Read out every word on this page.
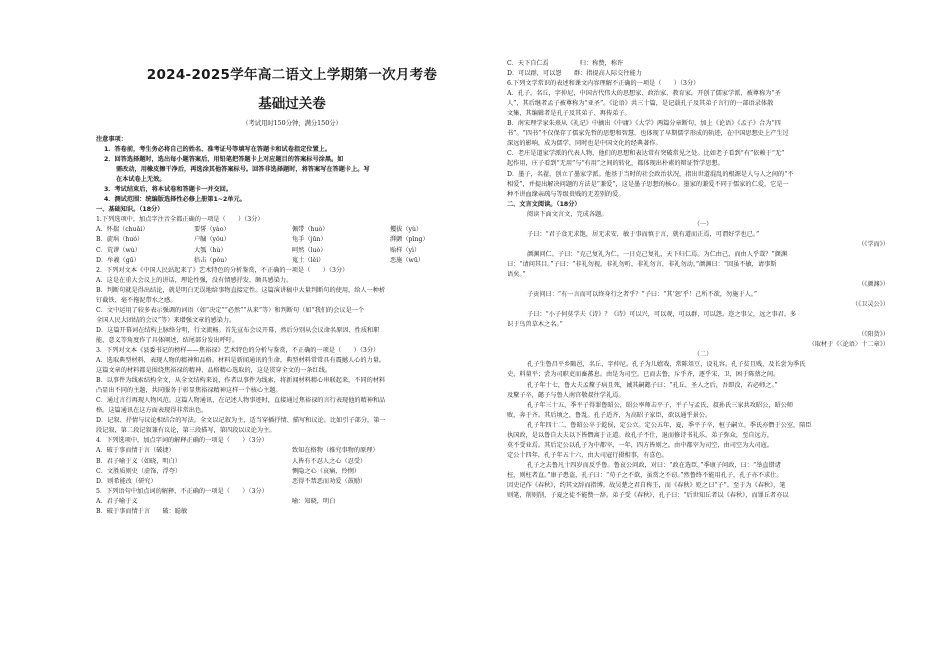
2024-2025学年高二语文上学期第一次月考卷
基础过关卷
（考试用时150分钟，满分150分）
注意事项：
1．答卷前，考生务必将自己的姓名、准考证号等填写在答题卡和试卷指定位置上。
2．回答选择题时，选出每小题答案后，用铅笔把答题卡上对应题目的答案标号涂黑。如
需改动，用橡皮擦干净后，再选涂其他答案标号。回答非选择题时，将答案写在答题卡上。写
在本试卷上无效。
3．考试结束后，将本试卷和答题卡一并交回。
4．测试范围：统编版选择性必修上册第1~2单元。
一、基础知识。（18分）
1.下列选项中，加点字注音全都正确的一项是（　　）（3分）
A．怀揣（chuǎi）	要誓（yào）	佩带（huò）	攫拔（yù）
B．旋埚（huó）	户牖（yǒu）	龟手（jūn）	湃颤（pīng）
C．荒谬（wù）	大瓠（hù）	呵然（luò）	贻样（yì）
D．牟羲（gū）	掊击（pǒu）	嵬土（lěi）	恶施（wū）
2．下列对文本《中国人民站起来了》艺术特色的分析鉴赏，不正确的一项是（　　）（3分）
A．这是在重大会议上的讲话，理论性强，没有情感抒发，颇具感染力。
B．判断句就是得出结论，就是明白无误地给事物直接定性。这篇演讲稿中大量判断句的使用，给人一种析
钉截铁、毫不拖泥带水之感。
C．文中运用了较多表示强调的词语（如“决定”“必然”“从来”等）和判断句（如“我们的会议是一个
全国人民大团结的会议”等）来增强文章的感染力。
D．这篇开幕词在结构上脉络分明，行文流畅。首先宣布会议开幕，然后分别从会议命名原因、性质和职
能、意义等角度作了具体阐述，结尾部分发出呼吁。
3．下列对文本《县委书记的榜样——焦裕禄》艺术特色的分析与鉴赏，不正确的一项是（　　）（3分）
A．选取典型材料，表现人物的精神和品格。材料是新闻通讯的生命，典型材料常常具有震撼人心的力量。
这篇文章的材料都是围绕焦裕禄的精神、品格精心选取的，这是贯穿全文的一条红线。
B．以事件为线索结构全文，从全文结构来说，作者以事件为线索，将新闻材料精心串联起来，不同的材料
凸显出不同的主题，共同服务于彰显焦裕禄精神这样一个核心主题。
C．通过言行再现人物风范。这篇人物通讯，在记述人物事迹时，直接通过焦裕禄的言行表现他的精神和品
格。这篇通讯在这方面表现得非常出色。
D．记叙、抒情与议论相结合的写法。全文以记叙为主，适当穿插抒情、描写和议论。比如引子部分，第一
段记叙，第二段记叙兼有议论，第三段描写，第四段以议论为主。
4．下列选项中，加点字词的解释正确的一项是（　　）（3分）
A．破于事而情于言（破捷）	致知在格物（推究事物的原理）
B．君子喻于义（如晓，明白）	人皆有不忍人之心（忍受）
C．文胜质则史（虚饰，浮夸）	恻隐之心（哀痛，怜悯）
D．则希能改（研究）	恶得不禁恶而劝爱（鼓励）
5．下列语句中加点词的解释，不正确的一项是（　　）（3分）
A．君子喻于义	喻：知晓，明白
B．破于事而情于言　　破：聪敏
C．天下自仁焉　　　　　归：称赞，称许
D．可以群，可以怨　　群：指提高人际交往能力
6.下列文学常识的表述和课文内容理解不正确的一项是（　　）（3分）
A．孔子，名丘，字仲尼，中国古代伟大的思想家、政治家、教育家，开创了儒家学派，被尊称为“圣
人”，其后继者孟子被尊称为“亚圣”。《论语》共三十篇，是记载孔子及其弟子言行的一部语录体散
文集，其编辑者是孔子及其弟子、再传弟子。
B．南宋理学家朱熹从《礼记》中摘出《中庸》《大学》两篇分章断句，加上《论语》《孟子》合为“四
书”。“四书”不仅保存了儒家先哲的思想和智慧，也体现了早期儒学形成的轨迹，在中国思想史上产生过
深远的影响，成为儒学，同时也是中国文化的经典著作。
C．老庄是道家学派的代表人物，他们的思想和表达常有突破常见之处。比如老子看到“有”依赖于“无”
起作用，庄子看到“无用”与“有用”之间的转化，都体现出朴素的辩证哲学思想。
D．墨子，名翟，创立了墨家学派。他基于当时的社会政治状况，指出世道混乱的根源是人与人之间的“不
相爱”，并提出解决问题的方法是“兼爱”，这是墨子思想的核心。墨家的兼爱不同于儒家的仁爱，它是一
种不讲血缘亲疏与等级贵贱的无差别的爱。
二、文言文阅读。（18分）
阅读下面文言文，完成各题。
（一）
子曰：“君子食无求饱，居无求安，敏于事而慎于言，就有道而正焉，可谓好学也已。”
（《学而》）
颜渊问仁。子曰：“克己复礼为仁。一日克己复礼，天下归仁焉。为仁由己，而由人乎哉？”颜渊
曰：“请问其目。”子曰：“非礼勿视，非礼勿听，非礼勿言，非礼勿动。”颜渊曰：“回虽不敏，请事斯
语矣。”
（《颜渊》）
子贡问曰：“有一言而可以终身行之者乎？”子曰：“其‘恕’乎！己所不欲，勿施于人。”
（《卫灵公》）
子曰：“小子何莫学夫《诗》？《诗》可以兴，可以观，可以群，可以怨。迩之事父，远之事君。多
识于鸟兽草木之名。”
（《阳货》）
（取材于《〈论语〉十二章》）
（二）
孔子生鲁昌平乡陬邑，名丘，字仲尼。孔子为儿嬉戏，常陈俎豆，设礼容。孔子贫且贱，及长尝为季氏
史，料量平；尝为司职吏而畜蕃息。由是为司空。已而去鲁，斥乎齐，逐乎宋、卫，困于陈蔡之间。
孔子年十七，鲁大夫孟釐子病且死，诫其嗣懿子曰：“孔丘，圣人之后，吾即没，若必师之。”
及釐子卒，懿子与鲁人南宫敬叔往学礼焉。
孔子年三十五，季平子得罪鲁昭公，昭公率师击平子，平子与孟氏、叔孙氏三家共攻昭公，昭公师
败，奔于齐。其后顷之，鲁乱。孔子适齐，为高昭子家臣，欲以通乎景公。
孔子年四十二，鲁昭公卒于乾侯，定公立。定公五年，夏，季平子卒，桓子嗣立。季氏亦僭于公室，陪臣
执国政，是以鲁自大夫以下皆僭离于正道。故孔子不仕，退而修诗书礼乐，弟子弥众，至自远方，
莫不受业焉。其后定公以孔子为中都宰，一年，四方皆则之。由中都宰为司空，由司空为大司寇。
定公十四年，孔子年五十六，由大司寇行摄相事，有喜色。
孔子之去鲁凡十四岁而反乎鲁。鲁哀公问政，对曰：“政在选臣。”季康子问政，曰：“举直错诸
枉，则枉者直。”康子患盗，孔子曰：“苟子之不欲，虽赏之不窃。”然鲁终不能用孔子，孔子亦不求仕。
因史记作《春秋》，约其文辞而指博。故吴楚之君自称王，而《春秋》贬之曰“子”。至于为《春秋》，笔
则笔，削则削，子夏之徒不能赞一辞。弟子受《春秋》，孔子曰：“后世知丘者以《春秋》，而罪丘者亦以
